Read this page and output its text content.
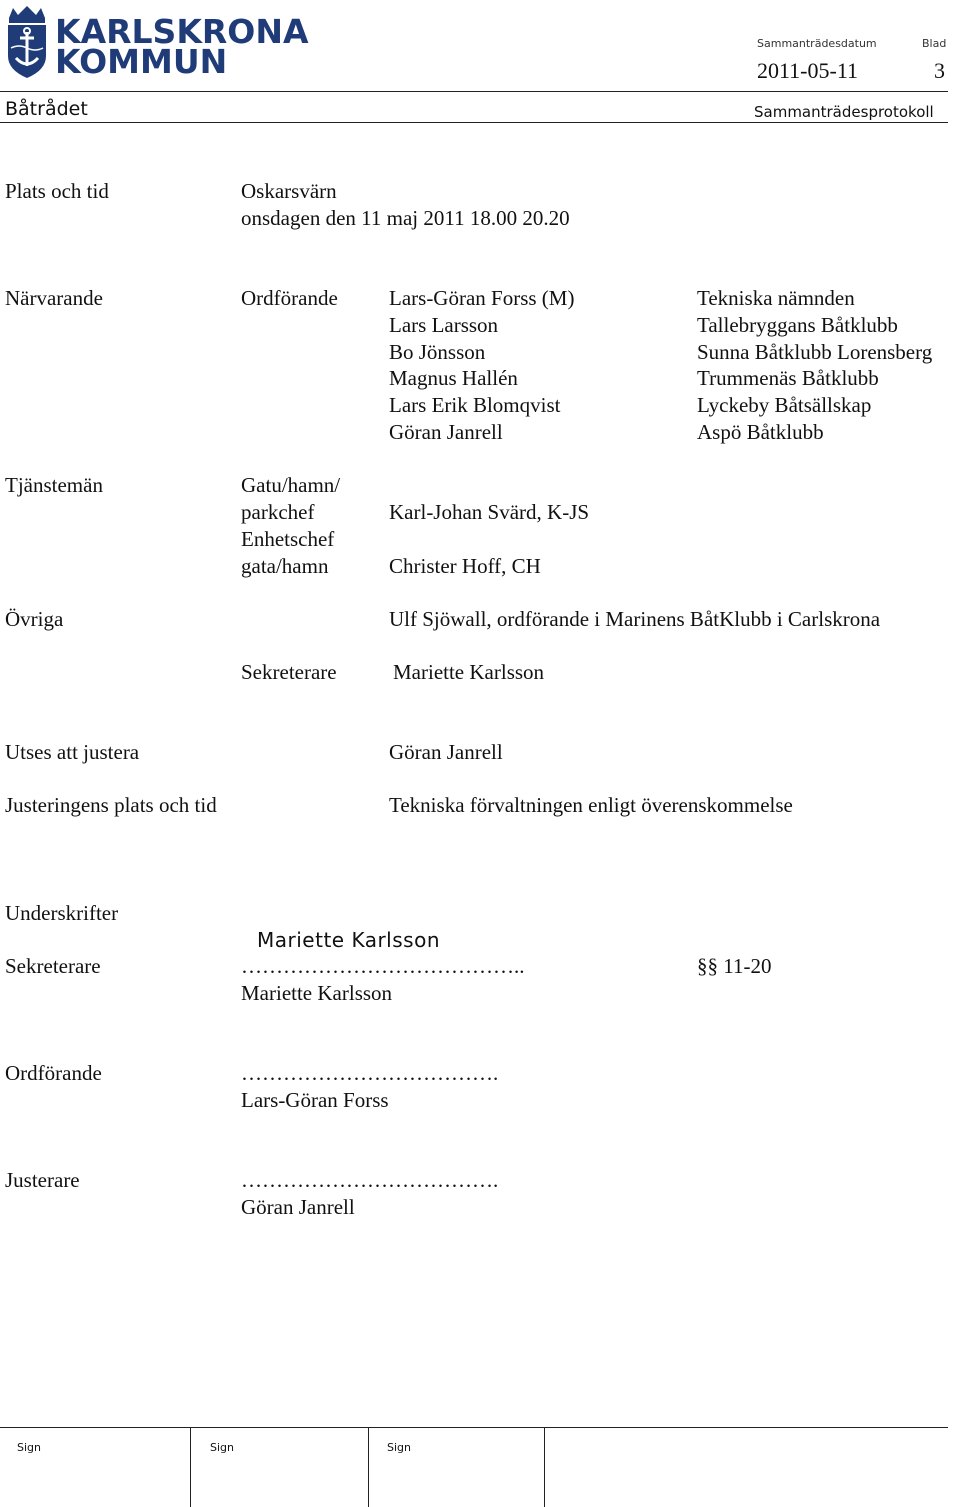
KARLSKRONA
KOMMUN	Sammanträdesdatum	Blad
2011-05-11	3
Båtrådet	Sammanträdesprotokoll
Plats och tid	Oskarsvärn
onsdagen den 11 maj 2011 18.00 20.20
Närvarande	Ordförande Lars-Göran Forss (M)	Tekniska nämnden
Lars Larsson	Tallebryggans Båtklubb
Bo Jönsson	Sunna Båtklubb Lorensberg
Magnus Hallén	Trummenäs Båtklubb
Lars Erik Blomqvist	Lyckeby Båtsällskap
Göran Janrell	Aspö Båtklubb
Tjänstemän	Gatu/hamn/
parkchef	Karl-Johan Svärd, K-JS
Enhetschef
gata/hamn	Christer Hoff, CH
Övriga	Ulf Sjöwall, ordförande i Marinens BåtKlubb i Carlskrona
Sekreterare	Mariette Karlsson
Utses att justera	Göran Janrell
Justeringens plats och tid	Tekniska förvaltningen enligt överenskommelse
Underskrifter
Mariette Karlsson
Sekreterare	…………………………………..	§§ 11-20
Mariette Karlsson
Ordförande	……………………………….
Lars-Göran Forss
Justerare	……………………………….
Göran Janrell
Sign	Sign	Sign
